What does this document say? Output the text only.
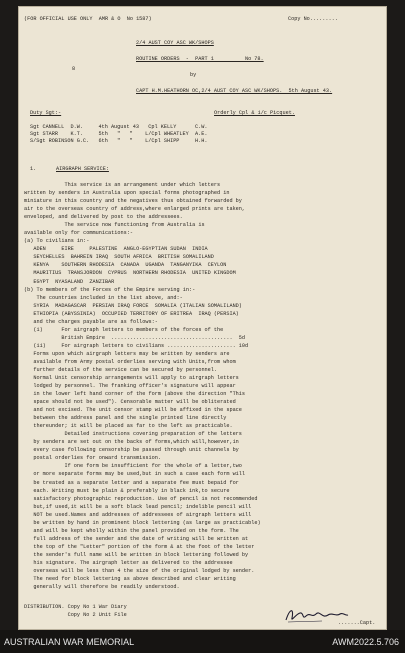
(FOR OFFICIAL USE ONLY  AMR & O  No 1587)	Copy No.........
2/4 AUST COY ASC WK/SHOPS
ROUTINE ORDERS  -  PART 1          No 78.
8
by
CAPT H.M.HEATHORN OC,2/4 AUST COY ASC WK/SHOPS.  5th August 43.
Duty Sgt:-	Orderly Cpl & i/c Picquet.
Sgt CANNELL  D.W.     4th August 43   Cpl KELLY      C.W.
Sgt STARR    K.T.     5th   "   "    L/Cpl WHEATLEY  A.E.
S/Sgt ROBINSON G.C.   6th   "   "    L/Cpl SHIPP     H.H.
1.	AIRGRAPH SERVICE:
This service is an arrangement under which letters
written by senders in Australia upon special forms photographed in
miniature in this country and the negatives thus obtained forwarded by
air to the overseas country of address,where enlarged prints are taken,
enveloped, and delivered by post to the addressees.
The service now functioning from Australia is
available only for communications:-
(a) To civilians in:-
ADEN     EIRE     PALESTINE  ANGLO-EGYPTIAN SUDAN  INDIA
SEYCHELLES  BAHREIN IRAQ  SOUTH AFRICA  BRITISH SOMALILAND
KENYA    SOUTHERN RHODESIA  CANADA  UGANDA  TANGANYIKA  CEYLON
MAURITIUS  TRANSJORDON  CYPRUS  NORTHERN RHODESIA  UNITED KINGDOM
EGYPT  NYASALAND  ZANZIBAR
(b) To members of the Forces of the Empire serving in:-
The countries included in the list above, and:-
SYRIA  MADAGASCAR  PERSIAN IRAQ FORCE  SOMALIA (ITALIAN SOMALILAND)
ETHIOPIA (ABYSSINIA)  OCCUPIED TERRITORY OF ERITREA  IRAQ (PERSIA)
and the charges payable are as follows:-
(i)      For airgraph letters to members of the forces of the
British Empire  .......................................  5d
(ii)     For airgraph letters to civilians ...................... 10d
Forms upon which airgraph letters may be written by senders are
available from Army postal orderlies serving with Units,from whom
further details of the service can be secured by personnel.
Normal Unit censorship arrangements will apply to airgraph letters
lodged by personnel. The franking officer's signature will appear
in the lower left hand corner of the form (above the direction "This
space should not be used"). Censorable matter will be obliterated
and not excised. The unit censor stamp will be affixed in the space
between the address panel and the single printed line directly
thereunder; it will be placed as far to the left as practicable.
Detailed instructions covering preparation of the letters
by senders are set out on the backs of forms,which will,however,in
every case following censorship be passed through unit channels by
postal orderlies for onward transmission.
If one form be insufficient for the whole of a letter,two
or more separate forms may be used,but in such a case each form will
be treated as a separate letter and a separate fee must bepaid for
each. Writing must be plain & preferably in black ink,to secure
satisfactory photographic reproduction. Use of pencil is not recommended
but,if used,it will be a soft black lead pencil; indelible pencil will
NOT be used.Names and addresses of addressees of airgraph letters will
be written by hand in prominent block lettering (as large as practicable)
and will be kept wholly within the panel provided on the form. The
full address of the sender and the date of writing will be written at
the top of the "Letter" portion of the form & at the foot of the letter
the sender's full name will be written in block lettering followed by
his signature. The airgraph letter as delivered to the addressee
overseas will be less than 4 the size of the original lodged by sender.
The need for block lettering as above described and clear writing
generally will therefore be readily understood.
DISTRIBUTION. Copy No 1 War Diary
Copy No 2 Unit File
.......Capt.
AUSTRALIAN WAR MEMORIAL	AWM2022.5.706
